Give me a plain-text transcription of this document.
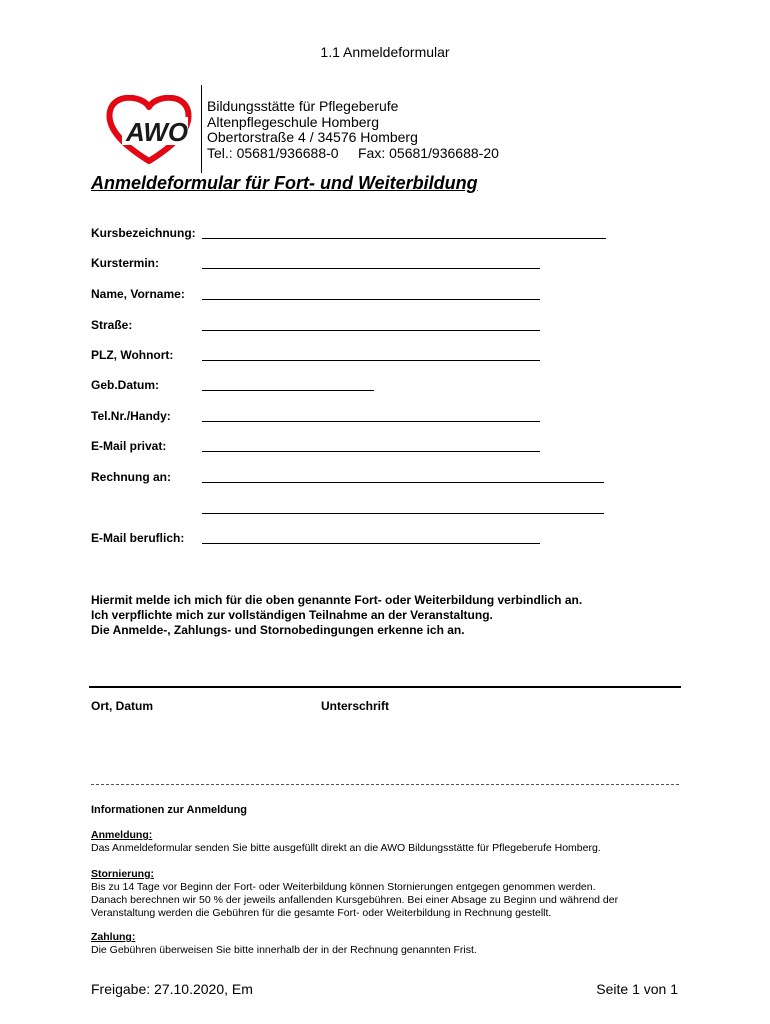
1.1 Anmeldeformular
AWO
Bildungsstätte für Pflegeberufe
Altenpflegeschule Homberg
Obertorstraße 4 / 34576 Homberg
Tel.: 05681/936688-0     Fax: 05681/936688-20
Anmeldeformular für Fort- und Weiterbildung
Kursbezeichnung:
Kurstermin:
Name, Vorname:
Straße:
PLZ, Wohnort:
Geb.Datum:
Tel.Nr./Handy:
E-Mail privat:
Rechnung an:
E-Mail beruflich:
Hiermit melde ich mich für die oben genannte Fort- oder Weiterbildung verbindlich an.
Ich verpflichte mich zur vollständigen Teilnahme an der Veranstaltung.
Die Anmelde-, Zahlungs- und Stornobedingungen erkenne ich an.
Ort, Datum	Unterschrift
Informationen zur Anmeldung
Anmeldung:
Das Anmeldeformular senden Sie bitte ausgefüllt direkt an die AWO Bildungsstätte für Pflegeberufe Homberg.
Stornierung:
Bis zu 14 Tage vor Beginn der Fort- oder Weiterbildung können Stornierungen entgegen genommen werden.
Danach berechnen wir 50 % der jeweils anfallenden Kursgebühren. Bei einer Absage zu Beginn und während der
Veranstaltung werden die Gebühren für die gesamte Fort- oder Weiterbildung in Rechnung gestellt.
Zahlung:
Die Gebühren überweisen Sie bitte innerhalb der in der Rechnung genannten Frist.
Freigabe: 27.10.2020, Em	Seite 1 von 1
